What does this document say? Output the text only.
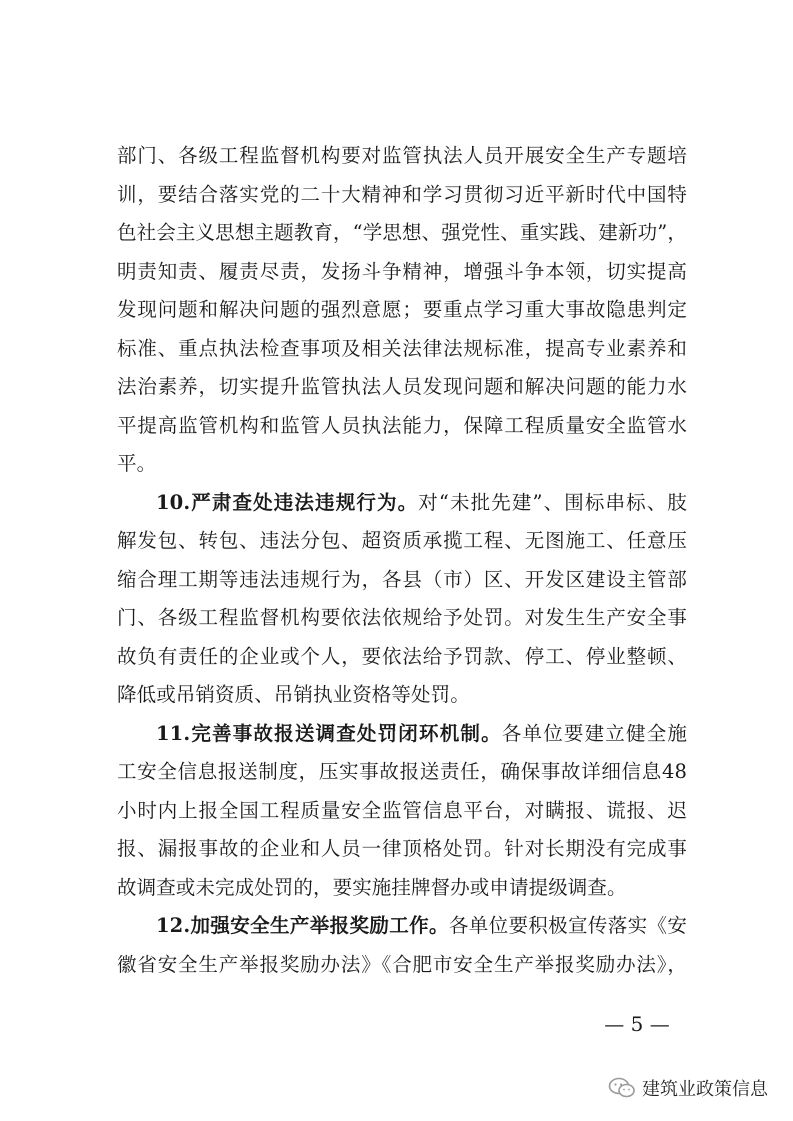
部门、各级工程监督机构要对监管执法人员开展安全生产专题培
训，要结合落实党的二十大精神和学习贯彻习近平新时代中国特
色社会主义思想主题教育，“学思想、强党性、重实践、建新功”，
明责知责、履责尽责，发扬斗争精神，增强斗争本领，切实提高
发现问题和解决问题的强烈意愿；要重点学习重大事故隐患判定
标准、重点执法检查事项及相关法律法规标准，提高专业素养和
法治素养，切实提升监管执法人员发现问题和解决问题的能力水
平提高监管机构和监管人员执法能力，保障工程质量安全监管水
平。
10.严肃查处违法违规行为。对“未批先建”、围标串标、肢
解发包、转包、违法分包、超资质承揽工程、无图施工、任意压
缩合理工期等违法违规行为，各县（市）区、开发区建设主管部
门、各级工程监督机构要依法依规给予处罚。对发生生产安全事
故负有责任的企业或个人，要依法给予罚款、停工、停业整顿、
降低或吊销资质、吊销执业资格等处罚。
11.完善事故报送调查处罚闭环机制。各单位要建立健全施
工安全信息报送制度，压实事故报送责任，确保事故详细信息48
小时内上报全国工程质量安全监管信息平台，对瞒报、谎报、迟
报、漏报事故的企业和人员一律顶格处罚。针对长期没有完成事
故调查或未完成处罚的，要实施挂牌督办或申请提级调查。
12.加强安全生产举报奖励工作。各单位要积极宣传落实《安
徽省安全生产举报奖励办法》《合肥市安全生产举报奖励办法》，
— 5 —
建筑业政策信息
